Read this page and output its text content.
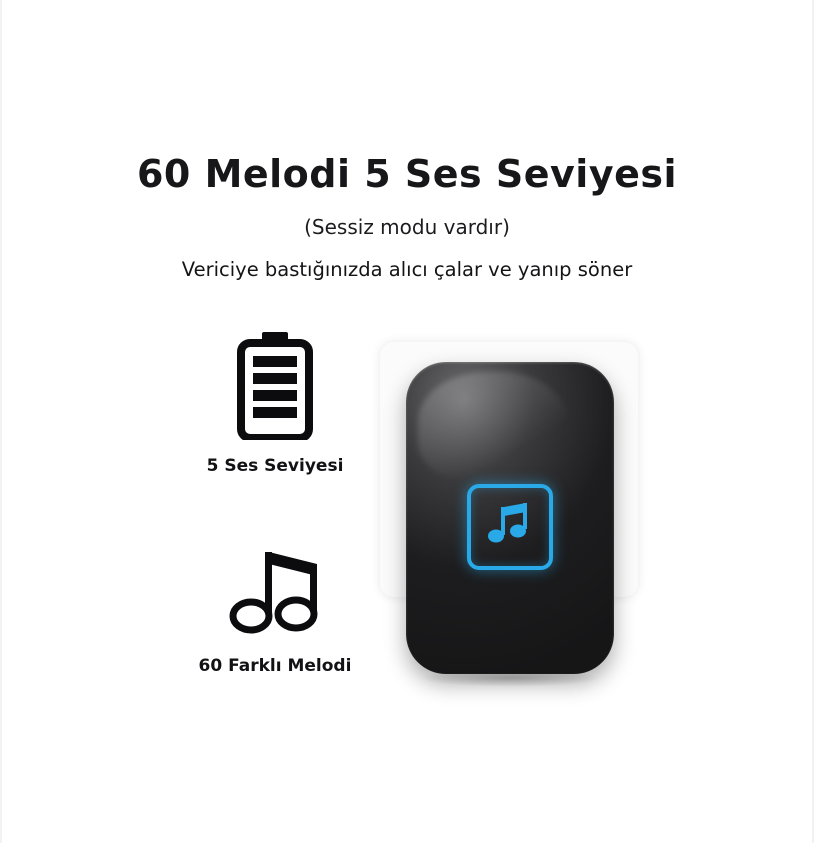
60 Melodi 5 Ses Seviyesi
(Sessiz modu vardır)
Vericiye bastığınızda alıcı çalar ve yanıp söner
5 Ses Seviyesi
60 Farklı Melodi
